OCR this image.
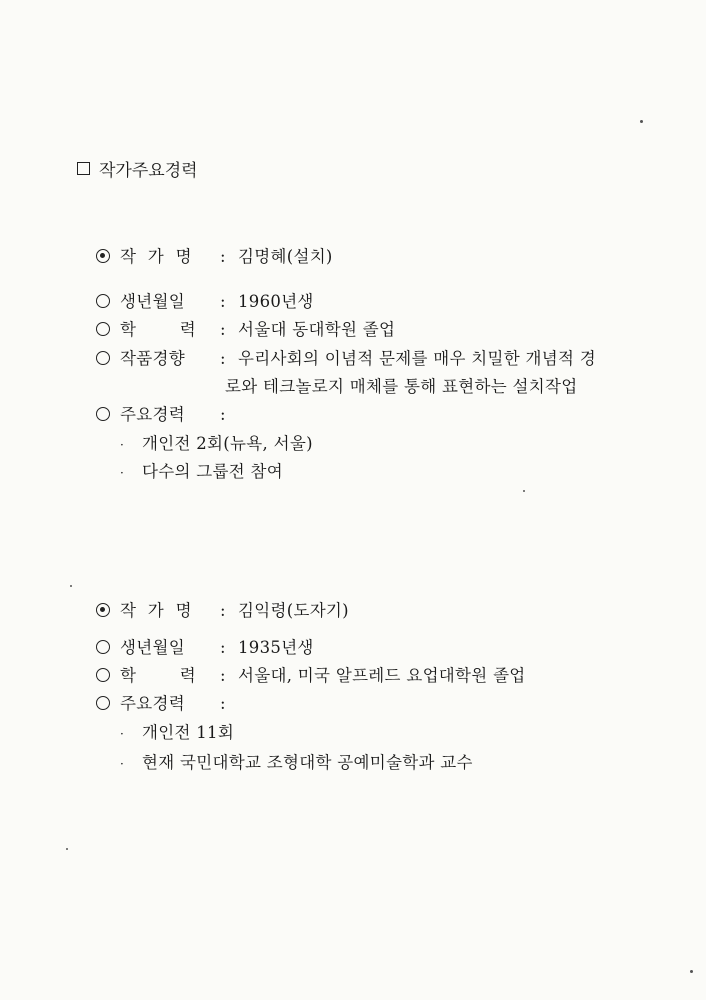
작가주요경력
작 가 명	: 김명혜(설치)
생년월일	: 1960년생
학 력	: 서울대 동대학원 졸업
작품경향	: 우리사회의 이념적 문제를 매우 치밀한 개념적 경
로와 테크놀로지 매체를 통해 표현하는 설치작업
주요경력	:
·	개인전 2회(뉴욕, 서울)
·	다수의 그룹전 참여
작 가 명	: 김익령(도자기)
생년월일	: 1935년생
학 력	: 서울대, 미국 알프레드 요업대학원 졸업
주요경력	:
·	개인전 11회
·	현재 국민대학교 조형대학 공예미술학과 교수
